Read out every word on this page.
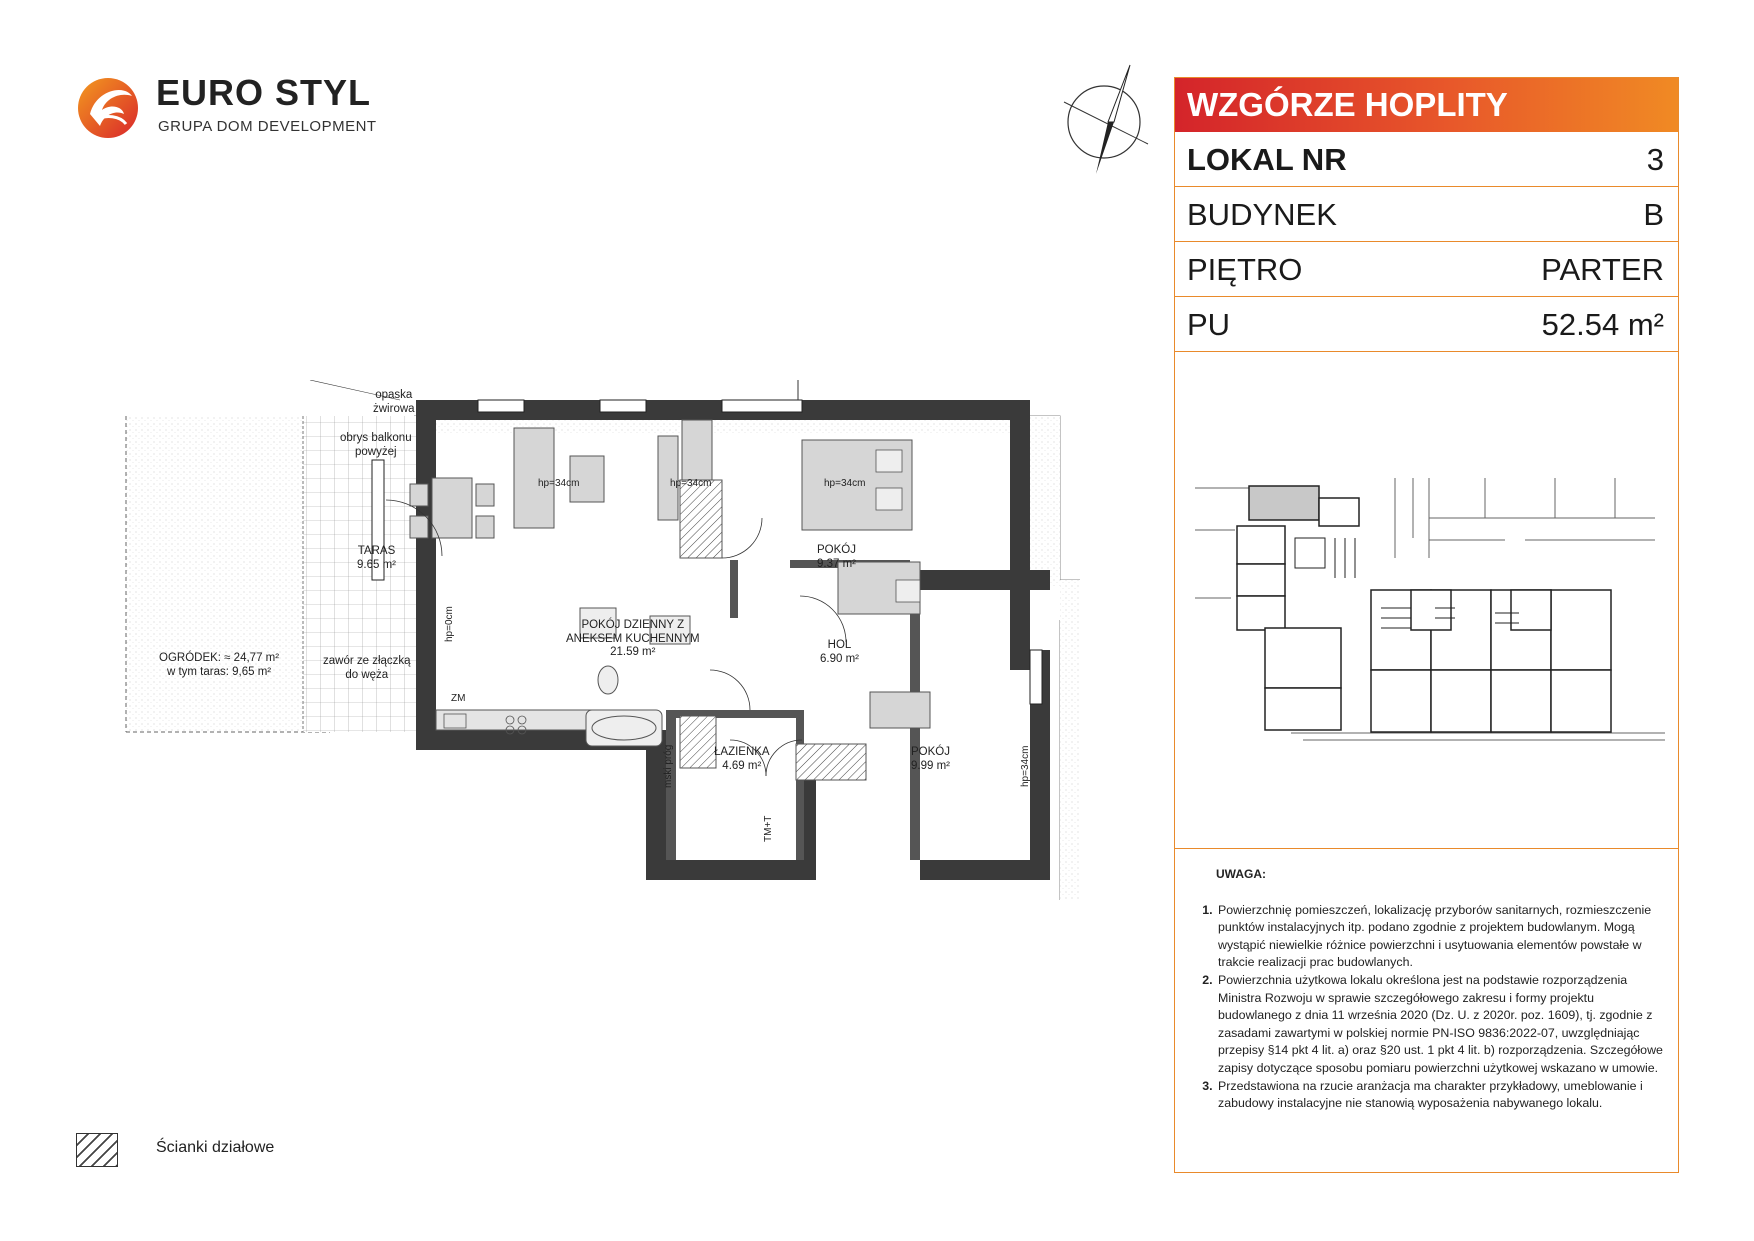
EURO STYL
GRUPA DOM DEVELOPMENT
WZGÓRZE HOPLITY
LOKAL NR	3
BUDYNEK	B
PIĘTRO	PARTER
PU	52.54 m²
UWAGA:
1. Powierzchnię pomieszczeń, lokalizację przyborów sanitarnych, rozmieszczenie punktów instalacyjnych itp. podano zgodnie z projektem budowlanym. Mogą wystąpić niewielkie różnice powierzchni i usytuowania elementów powstałe w trakcie realizacji prac budowlanych.
2. Powierzchnia użytkowa lokalu określona jest na podstawie rozporządzenia Ministra Rozwoju w sprawie szczegółowego zakresu i formy projektu budowlanego z dnia 11 września 2020 (Dz. U. z 2020r. poz. 1609), tj. zgodnie z zasadami zawartymi w polskiej normie PN-ISO 9836:2022-07, uwzględniając przepisy §14 pkt 4 lit. a) oraz §20 ust. 1 pkt 4 lit. b) rozporządzenia. Szczegółowe zapisy dotyczące sposobu pomiaru powierzchni użytkowej wskazano w umowie.
3. Przedstawiona na rzucie aranżacja ma charakter przykładowy, umeblowanie i zabudowy instalacyjne nie stanowią wyposażenia nabywanego lokalu.
opaska
żwirowa
obrys balkonu
powyżej
TARAS
9.65 m²
OGRÓDEK: ≈ 24,77 m²
w tym taras: 9,65 m²
zawór ze złączką
do węża
hp=34cm	hp=34cm	hp=34cm
hp=0cm
hp=34cm
mski próg
ZM
TM+T
POKÓJ DZIENNY Z
ANEKSEM KUCHENNYM
21.59 m²
POKÓJ
9.37 m²
HOL
6.90 m²
ŁAZIENKA
4.69 m²
POKÓJ
9.99 m²
Ścianki działowe
